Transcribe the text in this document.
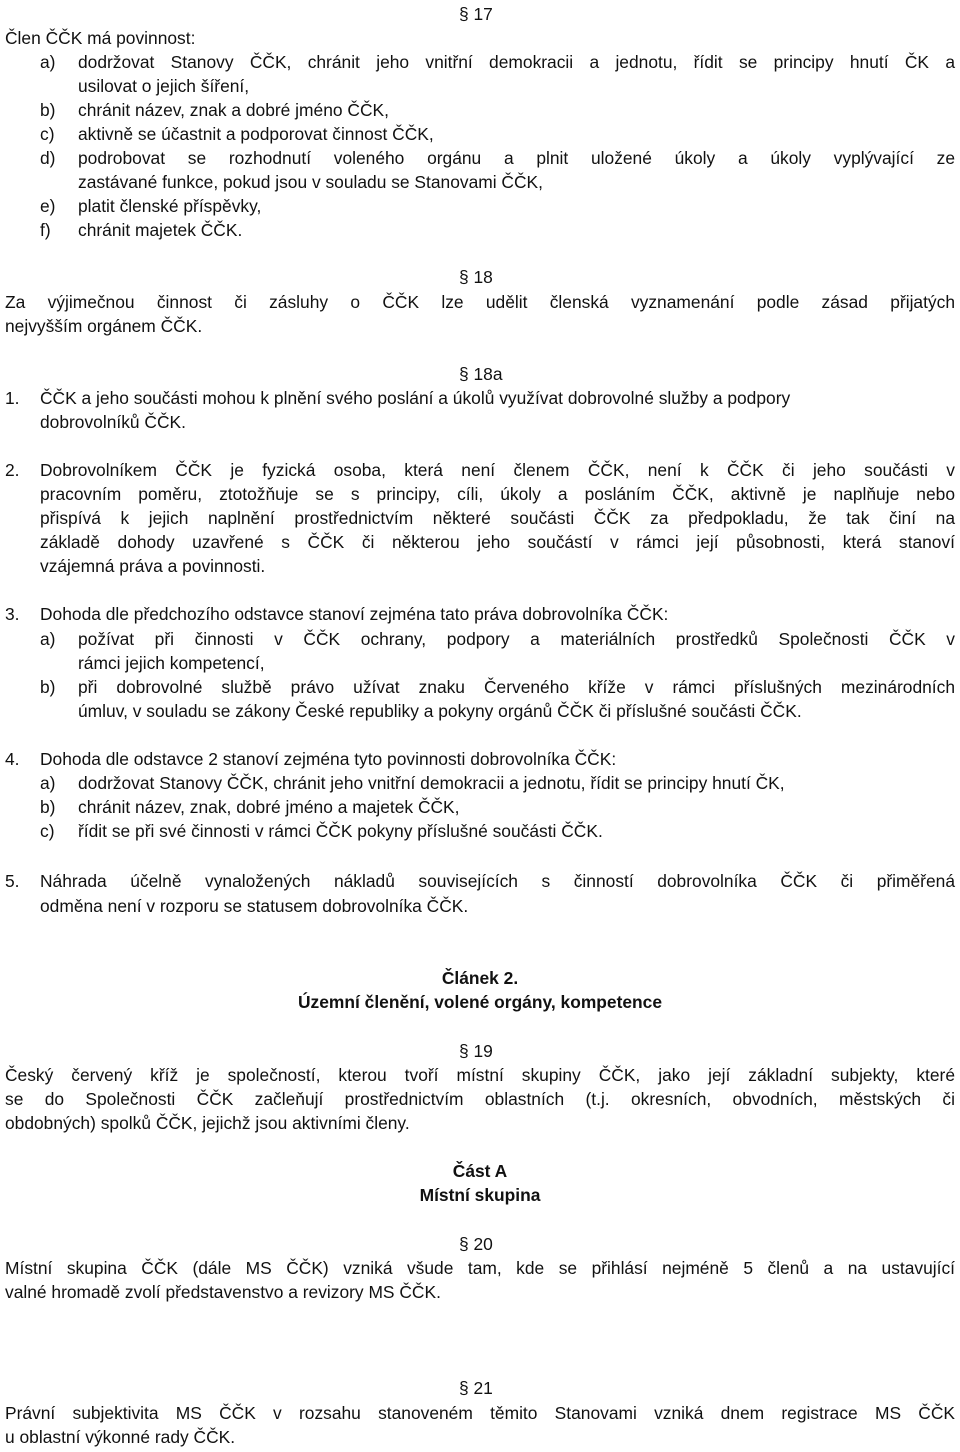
§ 17
Člen ČČK má povinnost:
a) dodržovat Stanovy ČČK, chránit jeho vnitřní demokracii a jednotu, řídit se principy hnutí ČK a
usilovat o jejich šíření,
b) chránit název, znak a dobré jméno ČČK,
c) aktivně se účastnit a podporovat činnost ČČK,
d) podrobovat se rozhodnutí voleného orgánu a plnit uložené úkoly a úkoly vyplývající ze
zastávané funkce, pokud jsou v souladu se Stanovami ČČK,
e) platit členské příspěvky,
f) chránit majetek ČČK.
§ 18
Za výjimečnou činnost či zásluhy o ČČK lze udělit členská vyznamenání podle zásad přijatých
nejvyšším orgánem ČČK.
§ 18a
1. ČČK a jeho součásti mohou k plnění svého poslání a úkolů využívat dobrovolné služby a podpory
dobrovolníků ČČK.
2. Dobrovolníkem ČČK je fyzická osoba, která není členem ČČK, není k ČČK či jeho součásti v
pracovním poměru, ztotožňuje se s principy, cíli, úkoly a posláním ČČK, aktivně je naplňuje nebo
přispívá k jejich naplnění prostřednictvím některé součásti ČČK za předpokladu, že tak činí na
základě dohody uzavřené s ČČK či některou jeho součástí v rámci její působnosti, která stanoví
vzájemná práva a povinnosti.
3. Dohoda dle předchozího odstavce stanoví zejména tato práva dobrovolníka ČČK:
a) požívat při činnosti v ČČK ochrany, podpory a materiálních prostředků Společnosti ČČK v
rámci jejich kompetencí,
b) při dobrovolné službě právo užívat znaku Červeného kříže v rámci příslušných mezinárodních
úmluv, v souladu se zákony České republiky a pokyny orgánů ČČK či příslušné součásti ČČK.
4. Dohoda dle odstavce 2 stanoví zejména tyto povinnosti dobrovolníka ČČK:
a) dodržovat Stanovy ČČK, chránit jeho vnitřní demokracii a jednotu, řídit se principy hnutí ČK,
b) chránit název, znak, dobré jméno a majetek ČČK,
c) řídit se při své činnosti v rámci ČČK pokyny příslušné součásti ČČK.
5. Náhrada účelně vynaložených nákladů souvisejících s činností dobrovolníka ČČK či přiměřená
odměna není v rozporu se statusem dobrovolníka ČČK.
Článek 2.
Územní členění, volené orgány, kompetence
§ 19
Český červený kříž je společností, kterou tvoří místní skupiny ČČK, jako její základní subjekty, které
se do Společnosti ČČK začleňují prostřednictvím oblastních (t.j. okresních, obvodních, městských či
obdobných) spolků ČČK, jejichž jsou aktivními členy.
Část A
Místní skupina
§ 20
Místní skupina ČČK (dále MS ČČK) vzniká všude tam, kde se přihlásí nejméně 5 členů a na ustavující
valné hromadě zvolí představenstvo a revizory MS ČČK.
§ 21
Právní subjektivita MS ČČK v rozsahu stanoveném těmito Stanovami vzniká dnem registrace MS ČČK
u oblastní výkonné rady ČČK.
